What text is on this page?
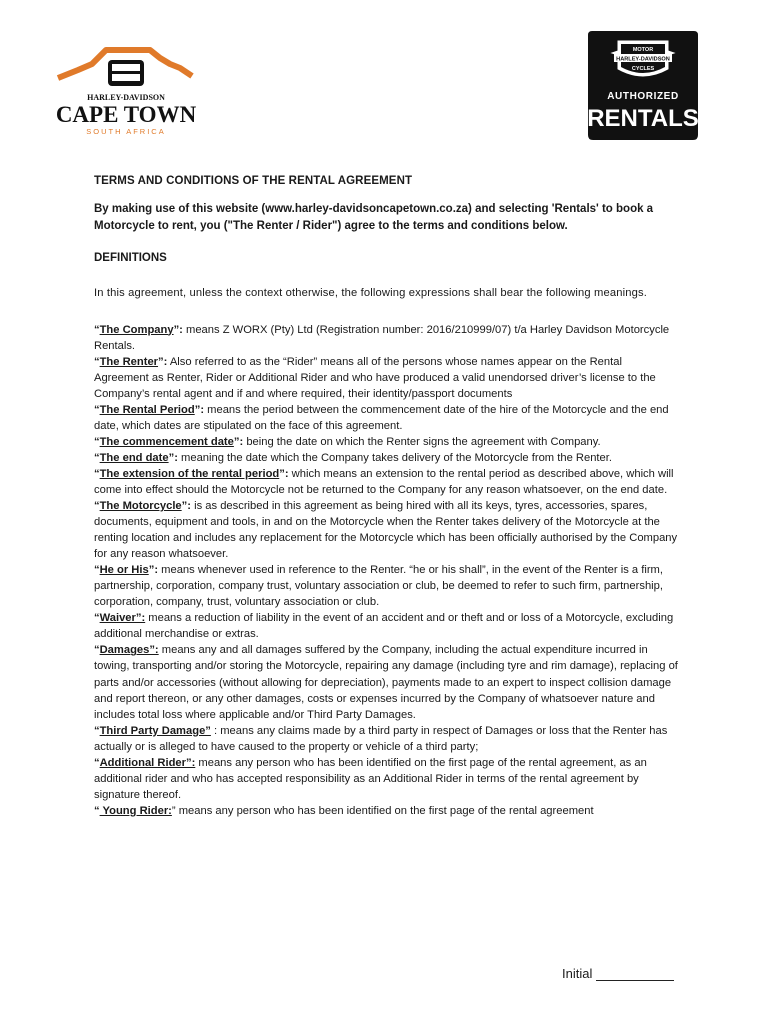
HARLEY-DAVIDSON
CAPE TOWN
SOUTH AFRICA
MOTOR
HARLEY-DAVIDSON
CYCLES
AUTHORIZED
RENTALS
TERMS AND CONDITIONS OF THE RENTAL AGREEMENT
By making use of this website (www.harley-davidsoncapetown.co.za) and selecting 'Rentals' to book a Motorcycle to rent, you ("The Renter / Rider") agree to the terms and conditions below.
DEFINITIONS
In this agreement, unless the context otherwise, the following expressions shall bear the following meanings.

“The Company”: means Z WORX (Pty) Ltd (Registration number: 2016/210999/07) t/a Harley Davidson Motorcycle Rentals.

“The Renter”: Also referred to as the “Rider” means all of the persons whose names appear on the Rental Agreement as Renter, Rider or Additional Rider and who have produced a valid unendorsed driver’s license to the Company’s rental agent and if and where required, their identity/passport documents

“The Rental Period”: means the period between the commencement date of the hire of the Motorcycle and the end date, which dates are stipulated on the face of this agreement.

“The commencement date”: being the date on which the Renter signs the agreement with Company.

“The end date”: meaning the date which the Company takes delivery of the Motorcycle from the Renter.

“The extension of the rental period”: which means an extension to the rental period as described above, which will come into effect should the Motorcycle not be returned to the Company for any reason whatsoever, on the end date.

“The Motorcycle”: is as described in this agreement as being hired with all its keys, tyres, accessories, spares, documents, equipment and tools, in and on the Motorcycle when the Renter takes delivery of the Motorcycle at the renting location and includes any replacement for the Motorcycle which has been officially authorised by the Company for any reason whatsoever.

“He or His”: means whenever used in reference to the Renter. “he or his shall”, in the event of the Renter is a firm, partnership, corporation, company trust, voluntary association or club, be deemed to refer to such firm, partnership, corporation, company, trust, voluntary association or club.

“Waiver”: means a reduction of liability in the event of an accident and or theft and or loss of a Motorcycle, excluding additional merchandise or extras.

“Damages”: means any and all damages suffered by the Company, including the actual expenditure incurred in towing, transporting and/or storing the Motorcycle, repairing any damage (including tyre and rim damage), replacing of parts and/or accessories (without allowing for depreciation), payments made to an expert to inspect collision damage and report thereon, or any other damages, costs or expenses incurred by the Company of whatsoever nature and includes total loss where applicable and/or Third Party Damages.

“Third Party Damage” : means any claims made by a third party in respect of Damages or loss that the Renter has actually or is alleged to have caused to the property or vehicle of a third party;

“Additional Rider”: means any person who has been identified on the first page of the rental agreement, as an additional rider and who has accepted responsibility as an Additional Rider in terms of the rental agreement by signature thereof.

“ Young Rider:” means any person who has been identified on the first page of the rental agreement

Initial
